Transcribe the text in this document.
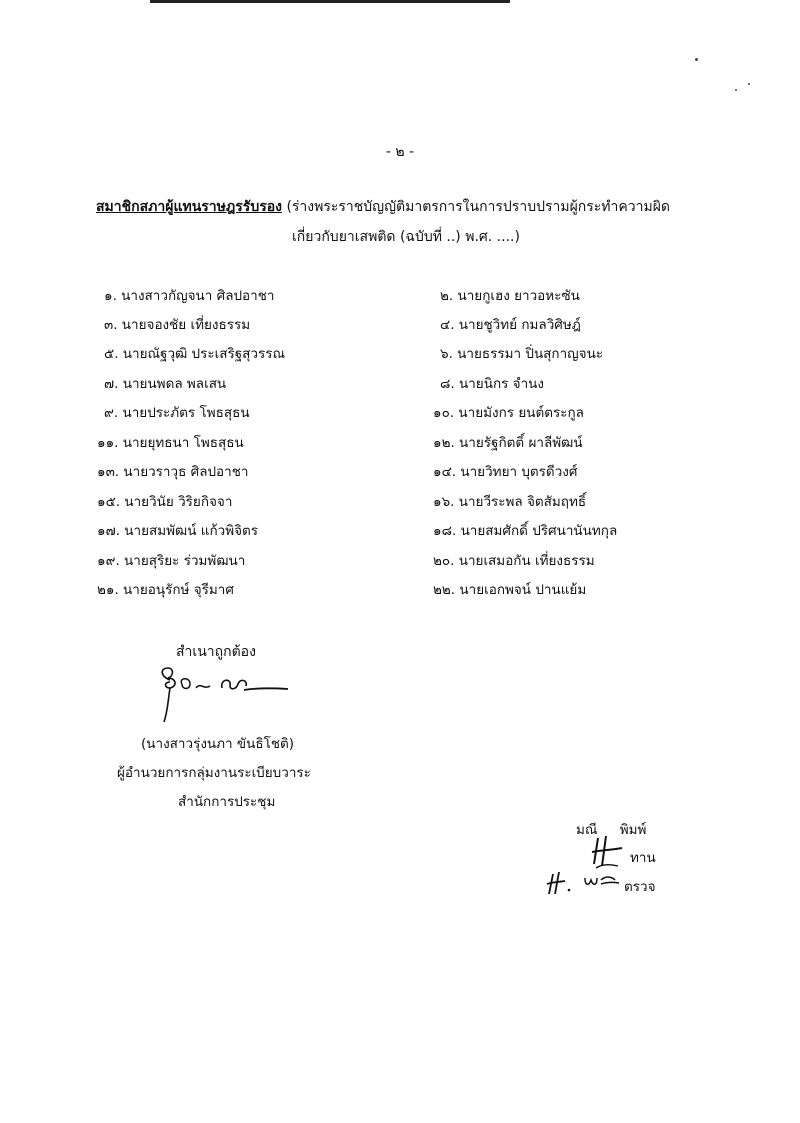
- ๒ -
สมาชิกสภาผู้แทนราษฎรรับรอง (ร่างพระราชบัญญัติมาตรการในการปราบปรามผู้กระทำความผิด
เกี่ยวกับยาเสพติด (ฉบับที่ ..) พ.ศ. ....)
๑. นางสาวกัญจนา ศิลปอาชา
๓. นายจองชัย เที่ยงธรรม
๕. นายณัฐวุฒิ ประเสริฐสุวรรณ
๗. นายนพดล พลเสน
๙. นายประภัตร โพธสุธน
๑๑. นายยุทธนา โพธสุธน
๑๓. นายวราวุธ ศิลปอาชา
๑๕. นายวินัย วิริยกิจจา
๑๗. นายสมพัฒน์ แก้วพิจิตร
๑๙. นายสุริยะ ร่วมพัฒนา
๒๑. นายอนุรักษ์ จุรีมาศ
๒. นายกูเฮง ยาวอหะซัน
๔. นายชูวิทย์ กมลวิศิษฎ์
๖. นายธรรมา ปิ่นสุกาญจนะ
๘. นายนิกร จำนง
๑๐. นายมังกร ยนต์ตระกูล
๑๒. นายรัฐกิตติ์ ผาลีพัฒน์
๑๔. นายวิทยา บุตรดีวงศ์
๑๖. นายวีระพล จิตสัมฤทธิ์
๑๘. นายสมศักดิ์ ปริศนานันทกุล
๒๐. นายเสมอกัน เที่ยงธรรม
๒๒. นายเอกพจน์ ปานแย้ม
สำเนาถูกต้อง
(นางสาวรุ่งนภา ขันธิโชติ)
ผู้อำนวยการกลุ่มงานระเบียบวาระ
สำนักการประชุม
มณี พิมพ์
ทาน
ตรวจ
